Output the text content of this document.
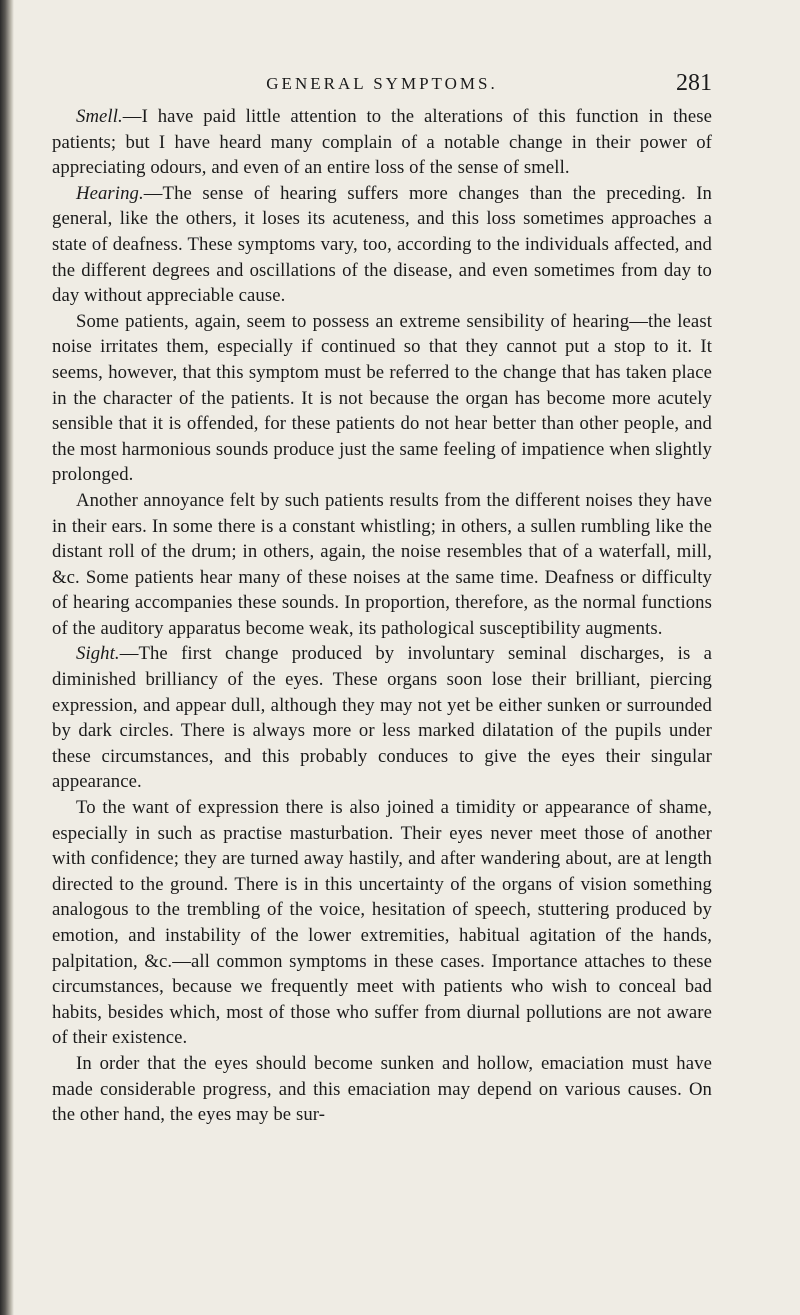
GENERAL SYMPTOMS.	281

Smell.—I have paid little attention to the alterations of this function in these patients; but I have heard many complain of a notable change in their power of appreciating odours, and even of an entire loss of the sense of smell.

Hearing.—The sense of hearing suffers more changes than the preceding. In general, like the others, it loses its acuteness, and this loss sometimes approaches a state of deafness. These symptoms vary, too, according to the individuals affected, and the different degrees and oscillations of the disease, and even sometimes from day to day without appreciable cause.

Some patients, again, seem to possess an extreme sensibility of hearing—the least noise irritates them, especially if continued so that they cannot put a stop to it. It seems, however, that this symptom must be referred to the change that has taken place in the character of the patients. It is not because the organ has become more acutely sensible that it is offended, for these patients do not hear better than other people, and the most harmonious sounds produce just the same feeling of impatience when slightly prolonged.

Another annoyance felt by such patients results from the different noises they have in their ears. In some there is a constant whistling; in others, a sullen rumbling like the distant roll of the drum; in others, again, the noise resembles that of a waterfall, mill, &c. Some patients hear many of these noises at the same time. Deafness or difficulty of hearing accompanies these sounds. In proportion, therefore, as the normal functions of the auditory apparatus become weak, its pathological susceptibility augments.

Sight.—The first change produced by involuntary seminal discharges, is a diminished brilliancy of the eyes. These organs soon lose their brilliant, piercing expression, and appear dull, although they may not yet be either sunken or surrounded by dark circles. There is always more or less marked dilatation of the pupils under these circumstances, and this probably conduces to give the eyes their singular appearance.

To the want of expression there is also joined a timidity or appearance of shame, especially in such as practise masturbation. Their eyes never meet those of another with confidence; they are turned away hastily, and after wandering about, are at length directed to the ground. There is in this uncertainty of the organs of vision something analogous to the trembling of the voice, hesitation of speech, stuttering produced by emotion, and instability of the lower extremities, habitual agitation of the hands, palpitation, &c.—all common symptoms in these cases. Importance attaches to these circumstances, because we frequently meet with patients who wish to conceal bad habits, besides which, most of those who suffer from diurnal pollutions are not aware of their existence.

In order that the eyes should become sunken and hollow, emaciation must have made considerable progress, and this emaciation may depend on various causes. On the other hand, the eyes may be sur-
